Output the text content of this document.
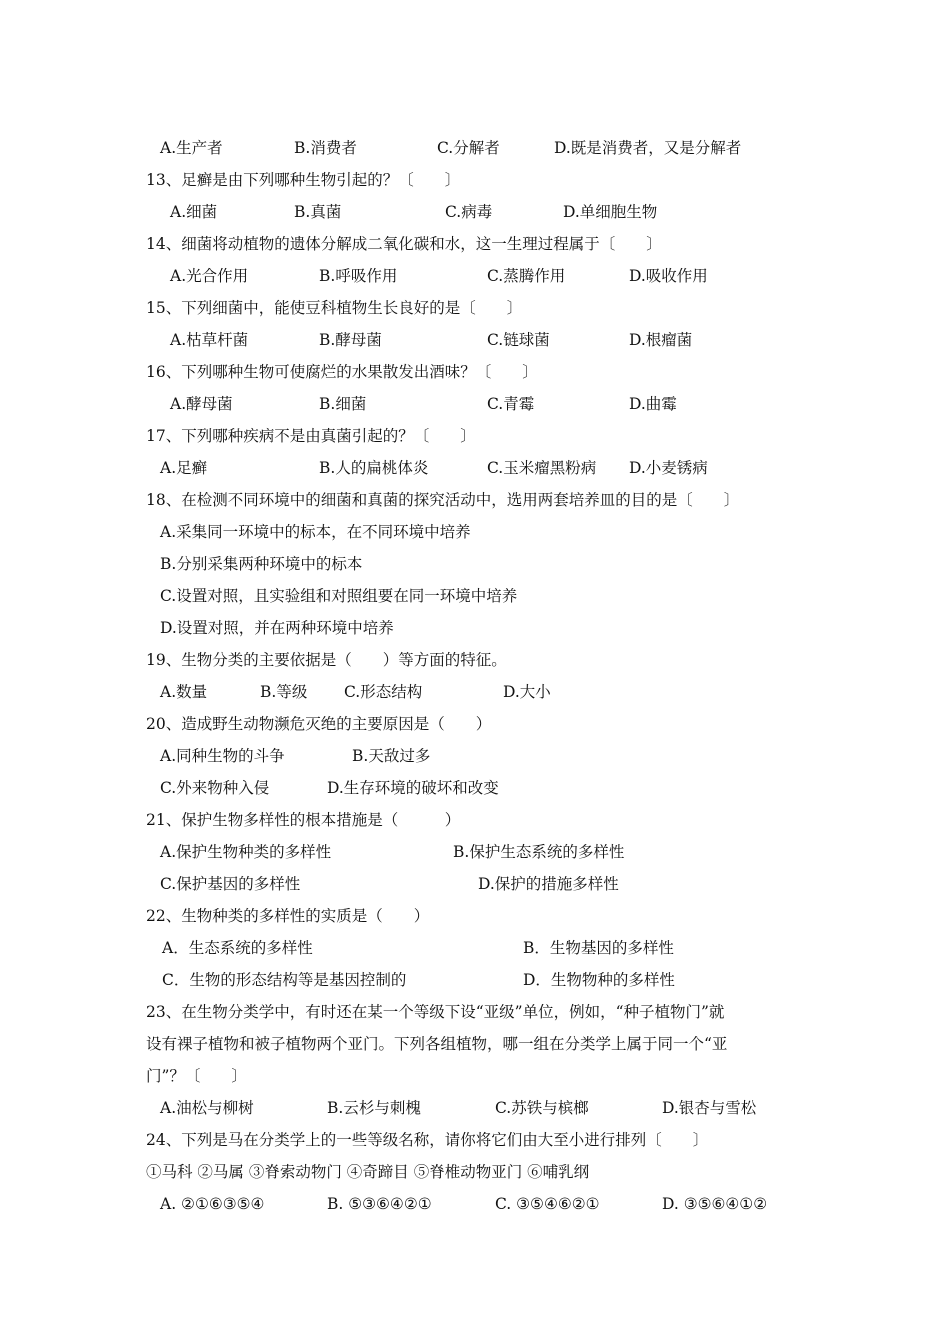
A.生产者	B.消费者	C.分解者	D.既是消费者，又是分解者
13、足癣是由下列哪种生物引起的？〔　　〕
A.细菌	B.真菌	C.病毒	D.单细胞生物
14、细菌将动植物的遗体分解成二氧化碳和水，这一生理过程属于〔　　〕
A.光合作用	B.呼吸作用	C.蒸腾作用	D.吸收作用
15、下列细菌中，能使豆科植物生长良好的是〔　　〕
A.枯草杆菌	B.酵母菌	C.链球菌	D.根瘤菌
16、下列哪种生物可使腐烂的水果散发出酒味？〔　　〕
A.酵母菌	B.细菌	C.青霉	D.曲霉
17、下列哪种疾病不是由真菌引起的？〔　　〕
A.足癣	B.人的扁桃体炎	C.玉米瘤黑粉病 D.小麦锈病
18、在检测不同环境中的细菌和真菌的探究活动中，选用两套培养皿的目的是〔　　〕
A.采集同一环境中的标本，在不同环境中培养
B.分别采集两种环境中的标本
C.设置对照，且实验组和对照组要在同一环境中培养
D.设置对照，并在两种环境中培养
19、生物分类的主要依据是（　　）等方面的特征。
A.数量	B.等级 C.形态结构	D.大小
20、造成野生动物濒危灭绝的主要原因是（　　）
A.同种生物的斗争	B.天敌过多
C.外来物种入侵	D.生存环境的破坏和改变
21、保护生物多样性的根本措施是（　　　）
A.保护生物种类的多样性	B.保护生态系统的多样性
C.保护基因的多样性	D.保护的措施多样性
22、生物种类的多样性的实质是（　　）
A．生态系统的多样性	B．生物基因的多样性
C．生物的形态结构等是基因控制的	D．生物物种的多样性
23、在生物分类学中，有时还在某一个等级下设“亚级”单位，例如，“种子植物门”就
设有裸子植物和被子植物两个亚门。下列各组植物，哪一组在分类学上属于同一个“亚
门”？〔　　〕
A.油松与柳树	B.云杉与刺槐	C.苏铁与槟榔	D.银杏与雪松
24、下列是马在分类学上的一些等级名称，请你将它们由大至小进行排列〔　　〕
①马科 ②马属 ③脊索动物门 ④奇蹄目 ⑤脊椎动物亚门 ⑥哺乳纲
A. ②①⑥③⑤④	B. ⑤③⑥④②①	C. ③⑤④⑥②①	D. ③⑤⑥④①②
